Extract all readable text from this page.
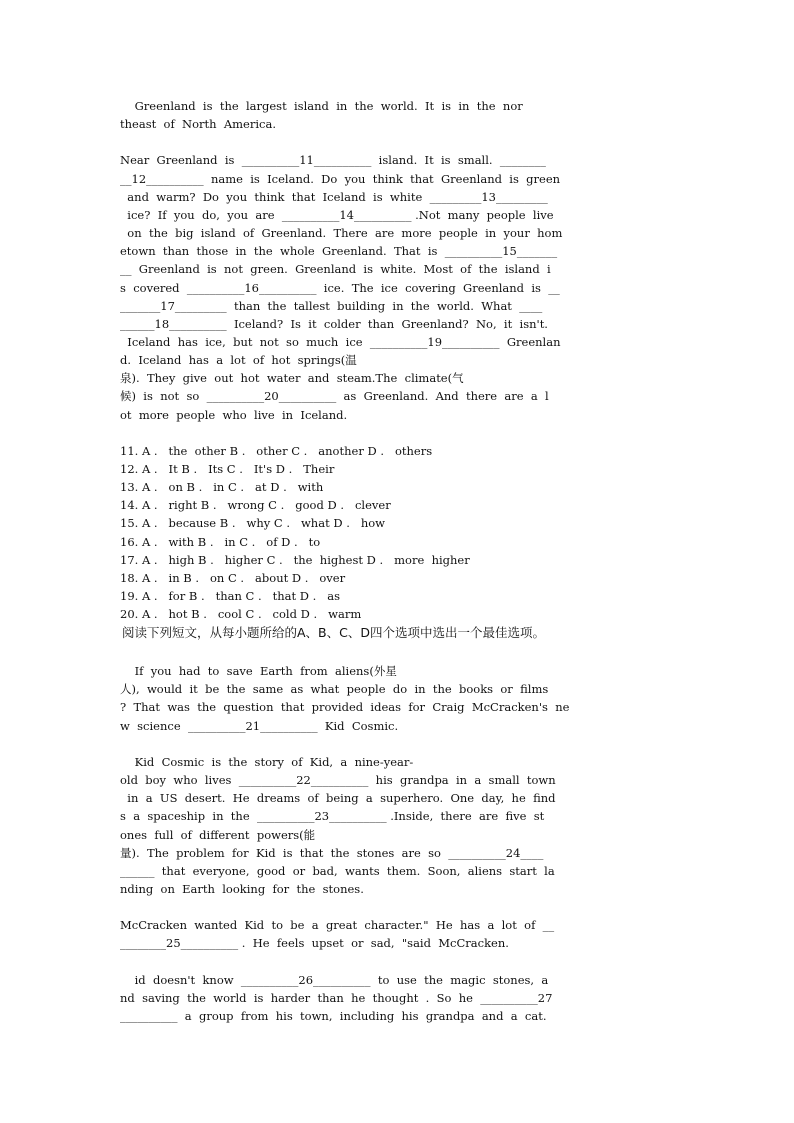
Greenland  is  the  largest  island  in  the  world.  It  is  in  the  nor
theast  of  North  America.
Near  Greenland  is  __________11__________  island.  It  is  small.  ________
__12__________  name  is  Iceland.  Do  you  think  that  Greenland  is  green
and  warm?  Do  you  think  that  Iceland  is  white  _________13_________
ice?  If  you  do,  you  are  __________14__________ .Not  many  people  live
on  the  big  island  of  Greenland.  There  are  more  people  in  your  hom
etown  than  those  in  the  whole  Greenland.  That  is  __________15_______
__  Greenland  is  not  green.  Greenland  is  white.  Most  of  the  island  i
s  covered  __________16__________  ice.  The  ice  covering  Greenland  is  __
_______17_________  than  the  tallest  building  in  the  world.  What  ____
______18__________  Iceland?  Is  it  colder  than  Greenland?  No,  it  isn't.
Iceland  has  ice,  but  not  so  much  ice  __________19__________  Greenlan
d.  Iceland  has  a  lot  of  hot  springs(温
泉).  They  give  out  hot  water  and  steam.The  climate(气
候)  is  not  so  __________20__________  as  Greenland.  And  there  are  a  l
ot  more  people  who  live  in  Iceland.
11. A .   the  other B .   other C .   another D .   others
12. A .   It B .   Its C .   It's D .   Their
13. A .   on B .   in C .   at D .   with
14. A .   right B .   wrong C .   good D .   clever
15. A .   because B .   why C .   what D .   how
16. A .   with B .   in C .   of D .   to
17. A .   high B .   higher C .   the  highest D .   more  higher
18. A .   in B .   on C .   about D .   over
19. A .   for B .   than C .   that D .   as
20. A .   hot B .   cool C .   cold D .   warm
阅读下列短文，从每小题所给的A、B、C、D四个选项中选出一个最佳选项。
If  you  had  to  save  Earth  from  aliens(外星
人),  would  it  be  the  same  as  what  people  do  in  the  books  or  films
?  That  was  the  question  that  provided  ideas  for  Craig  McCracken's  ne
w  science  __________21__________  Kid  Cosmic.
Kid  Cosmic  is  the  story  of  Kid,  a  nine-year-
old  boy  who  lives  __________22__________  his  grandpa  in  a  small  town
in  a  US  desert.  He  dreams  of  being  a  superhero.  One  day,  he  find
s  a  spaceship  in  the  __________23__________ .Inside,  there  are  five  st
ones  full  of  different  powers(能
量).  The  problem  for  Kid  is  that  the  stones  are  so  __________24____
______  that  everyone,  good  or  bad,  wants  them.  Soon,  aliens  start  la
nding  on  Earth  looking  for  the  stones.
McCracken  wanted  Kid  to  be  a  great  character."  He  has  a  lot  of  __
________25__________ .  He  feels  upset  or  sad,  "said  McCracken.
id  doesn't  know  __________26__________  to  use  the  magic  stones,  a
nd  saving  the  world  is  harder  than  he  thought  .  So  he  __________27
__________  a  group  from  his  town,  including  his  grandpa  and  a  cat.
